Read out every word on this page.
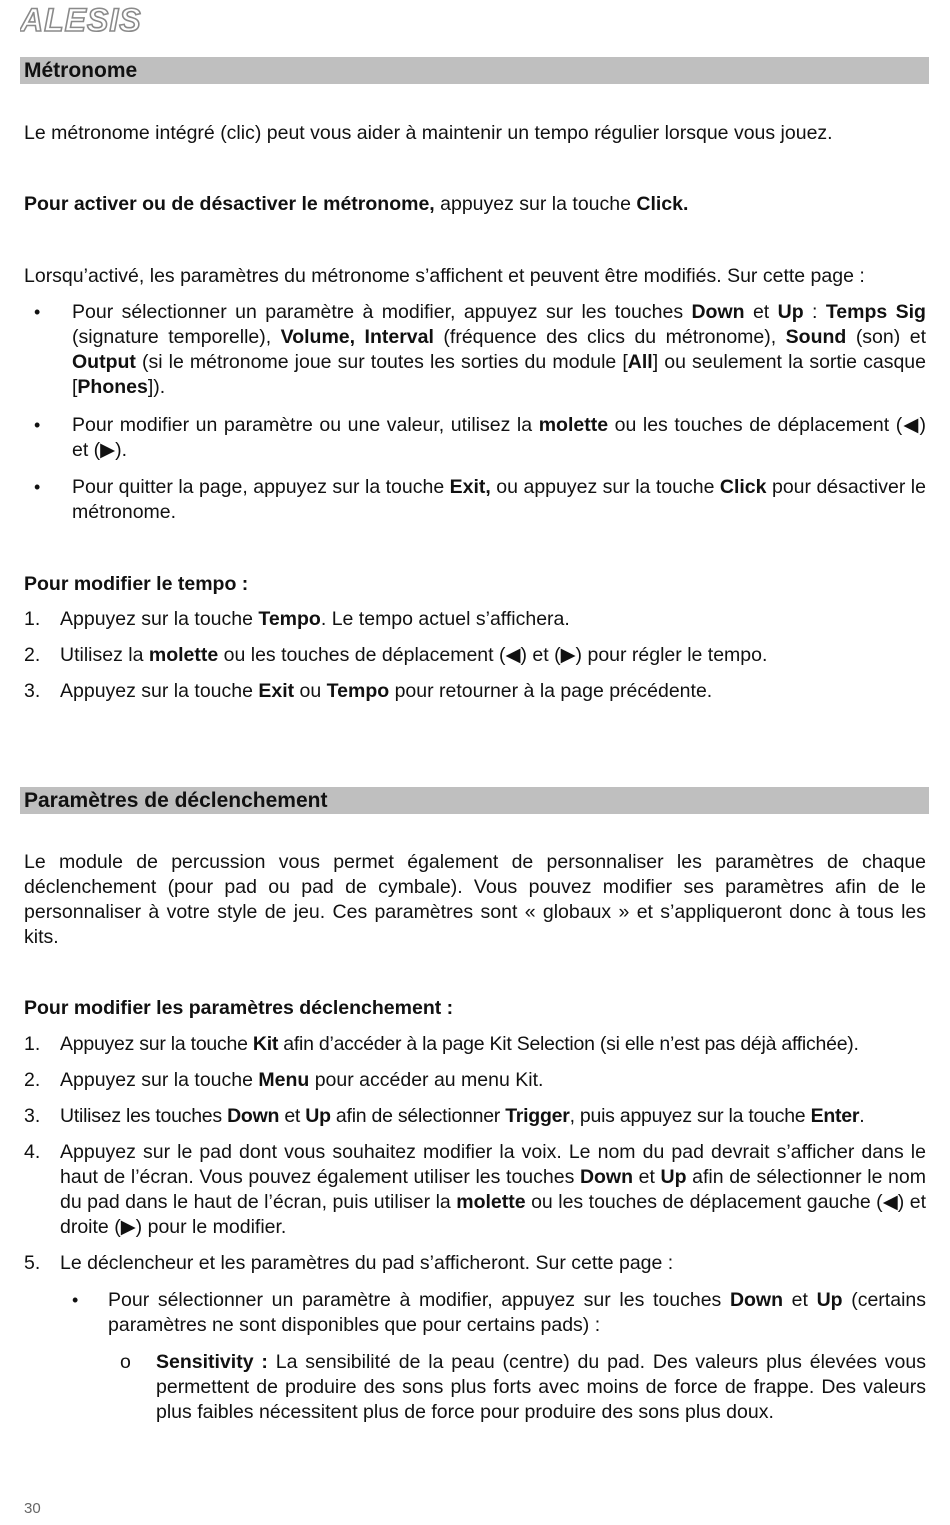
ALESIS
Métronome

Le métronome intégré (clic) peut vous aider à maintenir un tempo régulier lorsque vous jouez.

Pour activer ou de désactiver le métronome, appuyez sur la touche Click.

Lorsqu’activé, les paramètres du métronome s’affichent et peuvent être modifiés. Sur cette page :

• Pour sélectionner un paramètre à modifier, appuyez sur les touches Down et Up : Temps Sig (signature temporelle), Volume, Interval (fréquence des clics du métronome), Sound (son) et Output (si le métronome joue sur toutes les sorties du module [All] ou seulement la sortie casque [Phones]).

• Pour modifier un paramètre ou une valeur, utilisez la molette ou les touches de déplacement (◀) et (▶).

• Pour quitter la page, appuyez sur la touche Exit, ou appuyez sur la touche Click pour désactiver le métronome.

Pour modifier le tempo :

1. Appuyez sur la touche Tempo. Le tempo actuel s’affichera.

2. Utilisez la molette ou les touches de déplacement (◀) et (▶) pour régler le tempo.

3. Appuyez sur la touche Exit ou Tempo pour retourner à la page précédente.

Paramètres de déclenchement

Le module de percussion vous permet également de personnaliser les paramètres de chaque déclenchement (pour pad ou pad de cymbale). Vous pouvez modifier ses paramètres afin de le personnaliser à votre style de jeu. Ces paramètres sont « globaux » et s’appliqueront donc à tous les kits.

Pour modifier les paramètres déclenchement :

1. Appuyez sur la touche Kit afin d’accéder à la page Kit Selection (si elle n’est pas déjà affichée).

2. Appuyez sur la touche Menu pour accéder au menu Kit.

3. Utilisez les touches Down et Up afin de sélectionner Trigger, puis appuyez sur la touche Enter.

4. Appuyez sur le pad dont vous souhaitez modifier la voix. Le nom du pad devrait s’afficher dans le haut de l’écran. Vous pouvez également utiliser les touches Down et Up afin de sélectionner le nom du pad dans le haut de l’écran, puis utiliser la molette ou les touches de déplacement gauche (◀) et droite (▶) pour le modifier.

5. Le déclencheur et les paramètres du pad s’afficheront. Sur cette page :

• Pour sélectionner un paramètre à modifier, appuyez sur les touches Down et Up (certains paramètres ne sont disponibles que pour certains pads) :

o Sensitivity : La sensibilité de la peau (centre) du pad. Des valeurs plus élevées vous permettent de produire des sons plus forts avec moins de force de frappe. Des valeurs plus faibles nécessitent plus de force pour produire des sons plus doux.

30
